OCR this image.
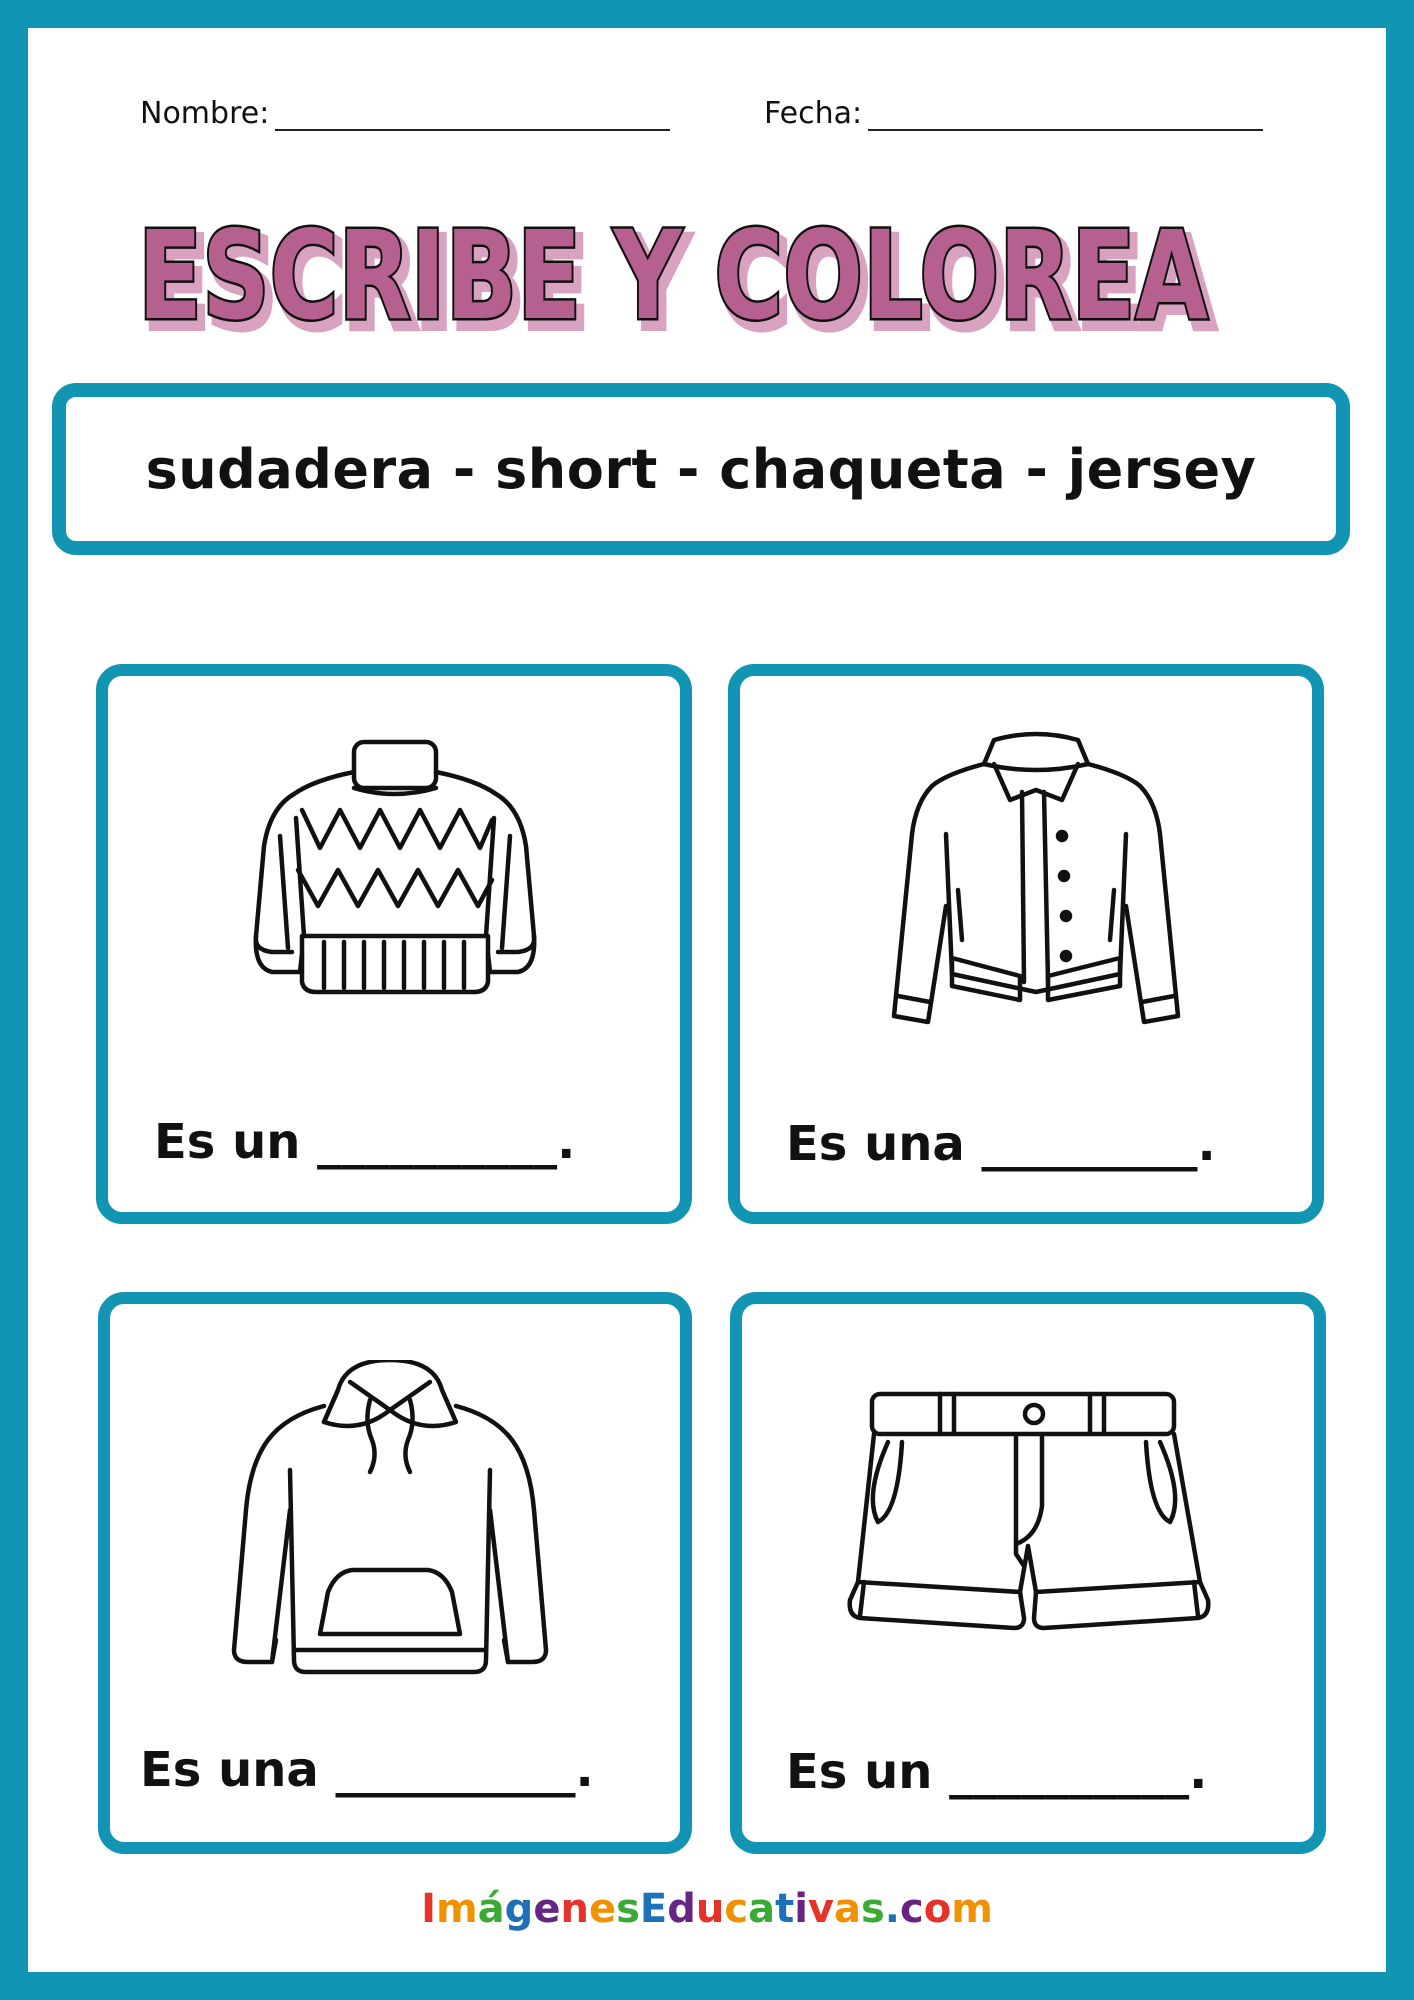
Nombre:	Fecha:
ESCRIBE Y COLOREA
ESCRIBE Y COLOREA
sudadera - short - chaqueta - jersey
Es un __________.	Es una _________.
Es una __________.	Es un __________.
ImágenesEducativas.com
